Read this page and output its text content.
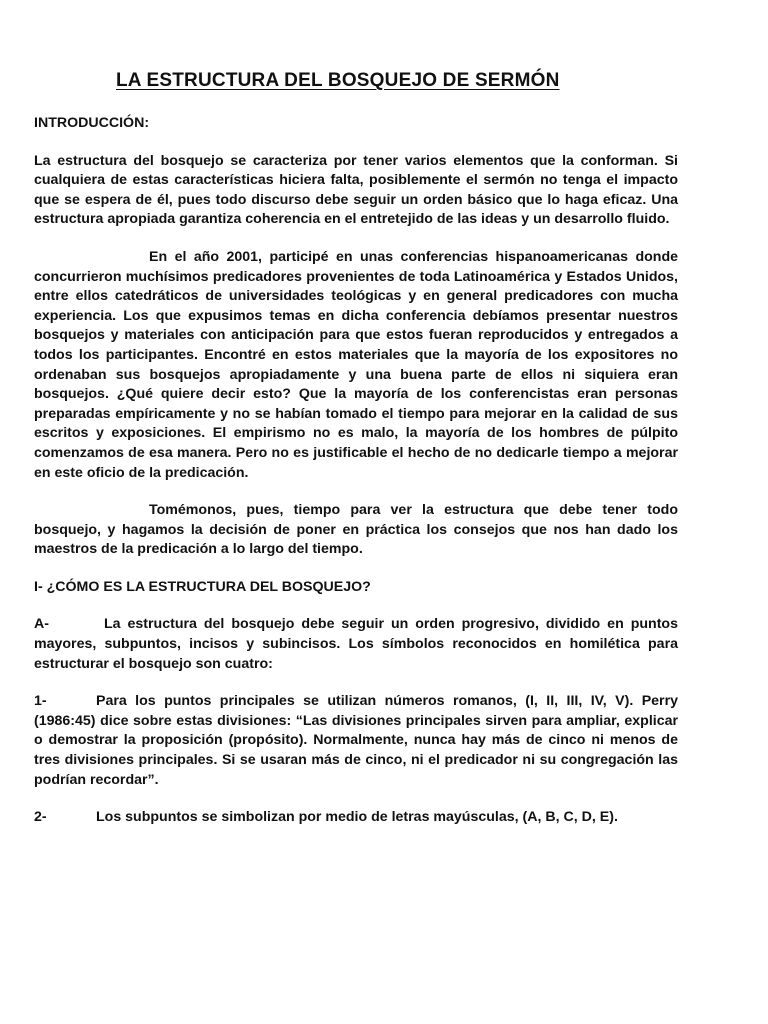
LA ESTRUCTURA DEL BOSQUEJO DE SERMÓN
INTRODUCCIÓN:

La estructura del bosquejo se caracteriza por tener varios elementos que la conforman. Si cualquiera de estas características hiciera falta, posiblemente el sermón no tenga el impacto que se espera de él, pues todo discurso debe seguir un orden básico que lo haga eficaz. Una estructura apropiada garantiza coherencia en el entretejido de las ideas y un desarrollo fluido.

En el año 2001, participé en unas conferencias hispanoamericanas donde concurrieron muchísimos predicadores provenientes de toda Latinoamérica y Estados Unidos, entre ellos catedráticos de universidades teológicas y en general predicadores con mucha experiencia. Los que expusimos temas en dicha conferencia debíamos presentar nuestros bosquejos y materiales con anticipación para que estos fueran reproducidos y entregados a todos los participantes. Encontré en estos materiales que la mayoría de los expositores no ordenaban sus bosquejos apropiadamente y una buena parte de ellos ni siquiera eran bosquejos. ¿Qué quiere decir esto? Que la mayoría de los conferencistas eran personas preparadas empíricamente y no se habían tomado el tiempo para mejorar en la calidad de sus escritos y exposiciones. El empirismo no es malo, la mayoría de los hombres de púlpito comenzamos de esa manera. Pero no es justificable el hecho de no dedicarle tiempo a mejorar en este oficio de la predicación.

Tomémonos, pues, tiempo para ver la estructura que debe tener todo bosquejo, y hagamos la decisión de poner en práctica los consejos que nos han dado los maestros de la predicación a lo largo del tiempo.

I- ¿CÓMO ES LA ESTRUCTURA DEL BOSQUEJO?

A-	La estructura del bosquejo debe seguir un orden progresivo, dividido en puntos mayores, subpuntos, incisos y subincisos. Los símbolos reconocidos en homilética para estructurar el bosquejo son cuatro:

1-	Para los puntos principales se utilizan números romanos, (I, II, III, IV, V). Perry (1986:45) dice sobre estas divisiones: “Las divisiones principales sirven para ampliar, explicar o demostrar la proposición (propósito). Normalmente, nunca hay más de cinco ni menos de tres divisiones principales. Si se usaran más de cinco, ni el predicador ni su congregación las podrían recordar”.

2-	Los subpuntos se simbolizan por medio de letras mayúsculas, (A, B, C, D, E).
